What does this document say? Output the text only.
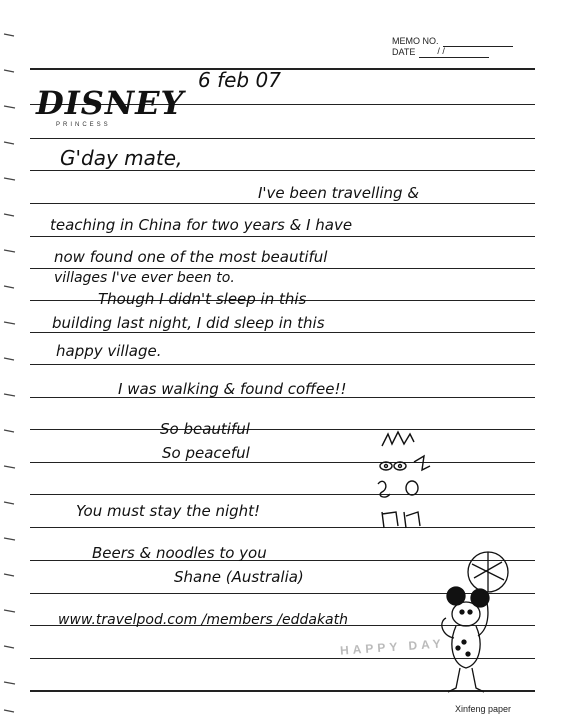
MEMO NO.
DATE / /
DISNEY
PRINCESS
6 feb 07
G'day mate,
I've been travelling &
teaching in China for two years & I have
now found one of the most beautiful
villages I've ever been to.
Though I didn't sleep in this
building last night, I did sleep in this
happy village.
I was walking & found coffee!!
So beautiful
So peaceful
You must stay the night!
Beers & noodles to you
Shane (Australia)
www.travelpod.com /members /eddakath
HAPPY DAY
Xinfeng paper
